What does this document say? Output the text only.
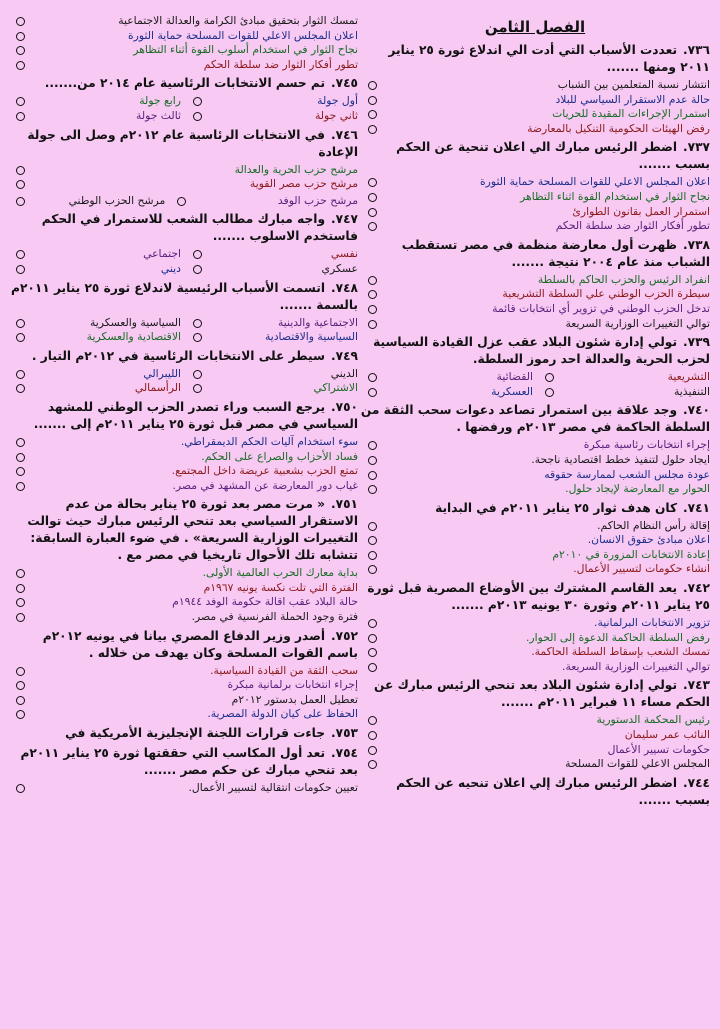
الفصل الثامن
٧٣٦.تعددت الأسباب التي أدت الي اندلاع ثورة ٢٥ يناير ٢٠١١ ومنها .......
انتشار نسبة المتعلمين بين الشباب
حالة عدم الاستقرار السياسي للبلاد
استمرار الإجراءات المقيدة للحريات
رفض الهيئات الحكومية التنكيل بالمعارضة
٧٣٧.اضطر الرئيس مبارك الي اعلان تنحية عن الحكم بسبب .......
اعلان المجلس الاعلي للقوات المسلحة حماية الثورة
نجاح الثوار في استخدام القوة اثناء التظاهر
استمرار العمل بقانون الطوارئ
تطور أفكار الثوار ضد سلطة الحكم
٧٣٨.ظهرت أول معارضة منظمة في مصر تستقطب الشباب منذ عام ٢٠٠٤ نتيجة .......
انفراد الرئيس والحزب الحاكم بالسلطة
سيطرة الحزب الوطني علي السلطة التشريعية
تدخل الحزب الوطني في تزوير أي انتخابات قائمة
توالي التغييرات الوزارية السريعة
٧٣٩.تولي إدارة شئون البلاد عقب عزل القيادة السياسية لحزب الحرية والعدالة احد رموز السلطة.
التشريعية
القضائية
التنفيذية
العسكرية
٧٤٠.وجد علاقة بين استمرار تصاعد دعوات سحب الثقة من السلطة الحاكمة في مصر ٢٠١٣م ورفضها .
إجراء انتخابات رئاسية مبكرة
ايجاد حلول لتنفيذ خطط اقتصادية ناجحة.
عودة مجلس الشعب لممارسة حقوقه
الحوار مع المعارضة لإيجاد حلول.
٧٤١.كان هدف ثوار ٢٥ يناير ٢٠١١م في البداية
إقالة رأس النظام الحاكم.
اعلان مبادئ حقوق الانسان.
إعادة الانتخابات المزورة في ٢٠١٠م
انشاء حكومات لتسيير الأعمال.
٧٤٢.يعد القاسم المشترك بين الأوضاع المصرية قبل ثورة ٢٥ يناير ٢٠١١م وثورة ٣٠ يونيه ٢٠١٣م .......
تزوير الانتخابات البرلمانية.
رفض السلطة الحاكمة الدعوة إلى الحوار.
تمسك الشعب بإسقاط السلطة الحاكمة.
توالي التغييرات الوزارية السريعة.
٧٤٣.تولي إدارة شئون البلاد بعد تنحي الرئيس مبارك عن الحكم مساء ١١ فبراير ٢٠١١م .......
رئيس المحكمة الدستورية
النائب عمر سليمان
حكومات تسيير الأعمال
المجلس الاعلي للقوات المسلحة
٧٤٤.اضطر الرئيس مبارك إلي اعلان تنحيه عن الحكم بسبب .......
تمسك الثوار بتحقيق مبادئ الكرامة والعدالة الاجتماعية
اعلان المجلس الاعلي للقوات المسلحة حماية الثورة
نجاح الثوار في استخدام أسلوب القوة أثناء التظاهر
تطور أفكار الثوار ضد سلطة الحكم
٧٤٥.تم حسم الانتخابات الرئاسية عام ٢٠١٤ من.......
أول جولة
رابع جولة
ثاني جولة
ثالث جولة
٧٤٦.في الانتخابات الرئاسية عام ٢٠١٢م وصل الى جولة الإعادة
مرشح حزب الحرية والعدالة
مرشح حزب مصر القوية
مرشح حزب الوفد
مرشح الحزب الوطني
٧٤٧.واجه مبارك مطالب الشعب للاستمرار في الحكم فاستخدم الاسلوب .......
نفسي
اجتماعي
عسكري
ديني
٧٤٨.اتسمت الأسباب الرئيسية لاندلاع ثورة ٢٥ يناير ٢٠١١م بالسمة .......
الاجتماعية والدينية
السياسية والعسكرية
السياسية والاقتصادية
الاقتصادية والعسكرية
٧٤٩.سيطر على الانتخابات الرئاسية في ٢٠١٢م التيار .
الديني
الليبرالي
الاشتراكي
الرأسمالي
٧٥٠.يرجع السبب وراء تصدر الحزب الوطني للمشهد السياسي في مصر قبل ثورة ٢٥ يناير ٢٠١١م إلى .......
سوء استخدام آليات الحكم الديمقراطي.
فساد الأحزاب والصراع على الحكم.
تمتع الحزب بشعبية عريضة داخل المجتمع.
غياب دور المعارضة عن المشهد في مصر.
٧٥١.« مرت مصر بعد ثورة ٢٥ يناير بحالة من عدم الاستقرار السياسي بعد تنحي الرئيس مبارك حيث توالت التغييرات الوزارية السريعة» . في ضوء العبارة السابقة: تتشابه تلك الأحوال تاريخيا في مصر مع .
بداية معارك الحرب العالمية الأولى.
الفترة التي تلت نكسة يونيه ١٩٦٧م
حالة البلاد عقب اقالة حكومة الوفد ١٩٤٤م
فترة وجود الحملة الفرنسية في مصر.
٧٥٢.أصدر وزير الدفاع المصري بيانا في يونيه ٢٠١٢م باسم القوات المسلحة وكان يهدف من خلاله .
سحب الثقة من القيادة السياسية.
إجراء انتخابات برلمانية مبكرة
تعطيل العمل بدستور ٢٠١٢م
الحفاظ على كيان الدولة المصرية.
٧٥٣.جاءت قرارات اللجنة الإنجليزية الأمريكية في
٧٥٤.تعد أول المكاسب التي حققتها ثورة ٢٥ يناير ٢٠١١م بعد تنحي مبارك عن حكم مصر .......
تعيين حكومات انتقالية لتسيير الأعمال.
